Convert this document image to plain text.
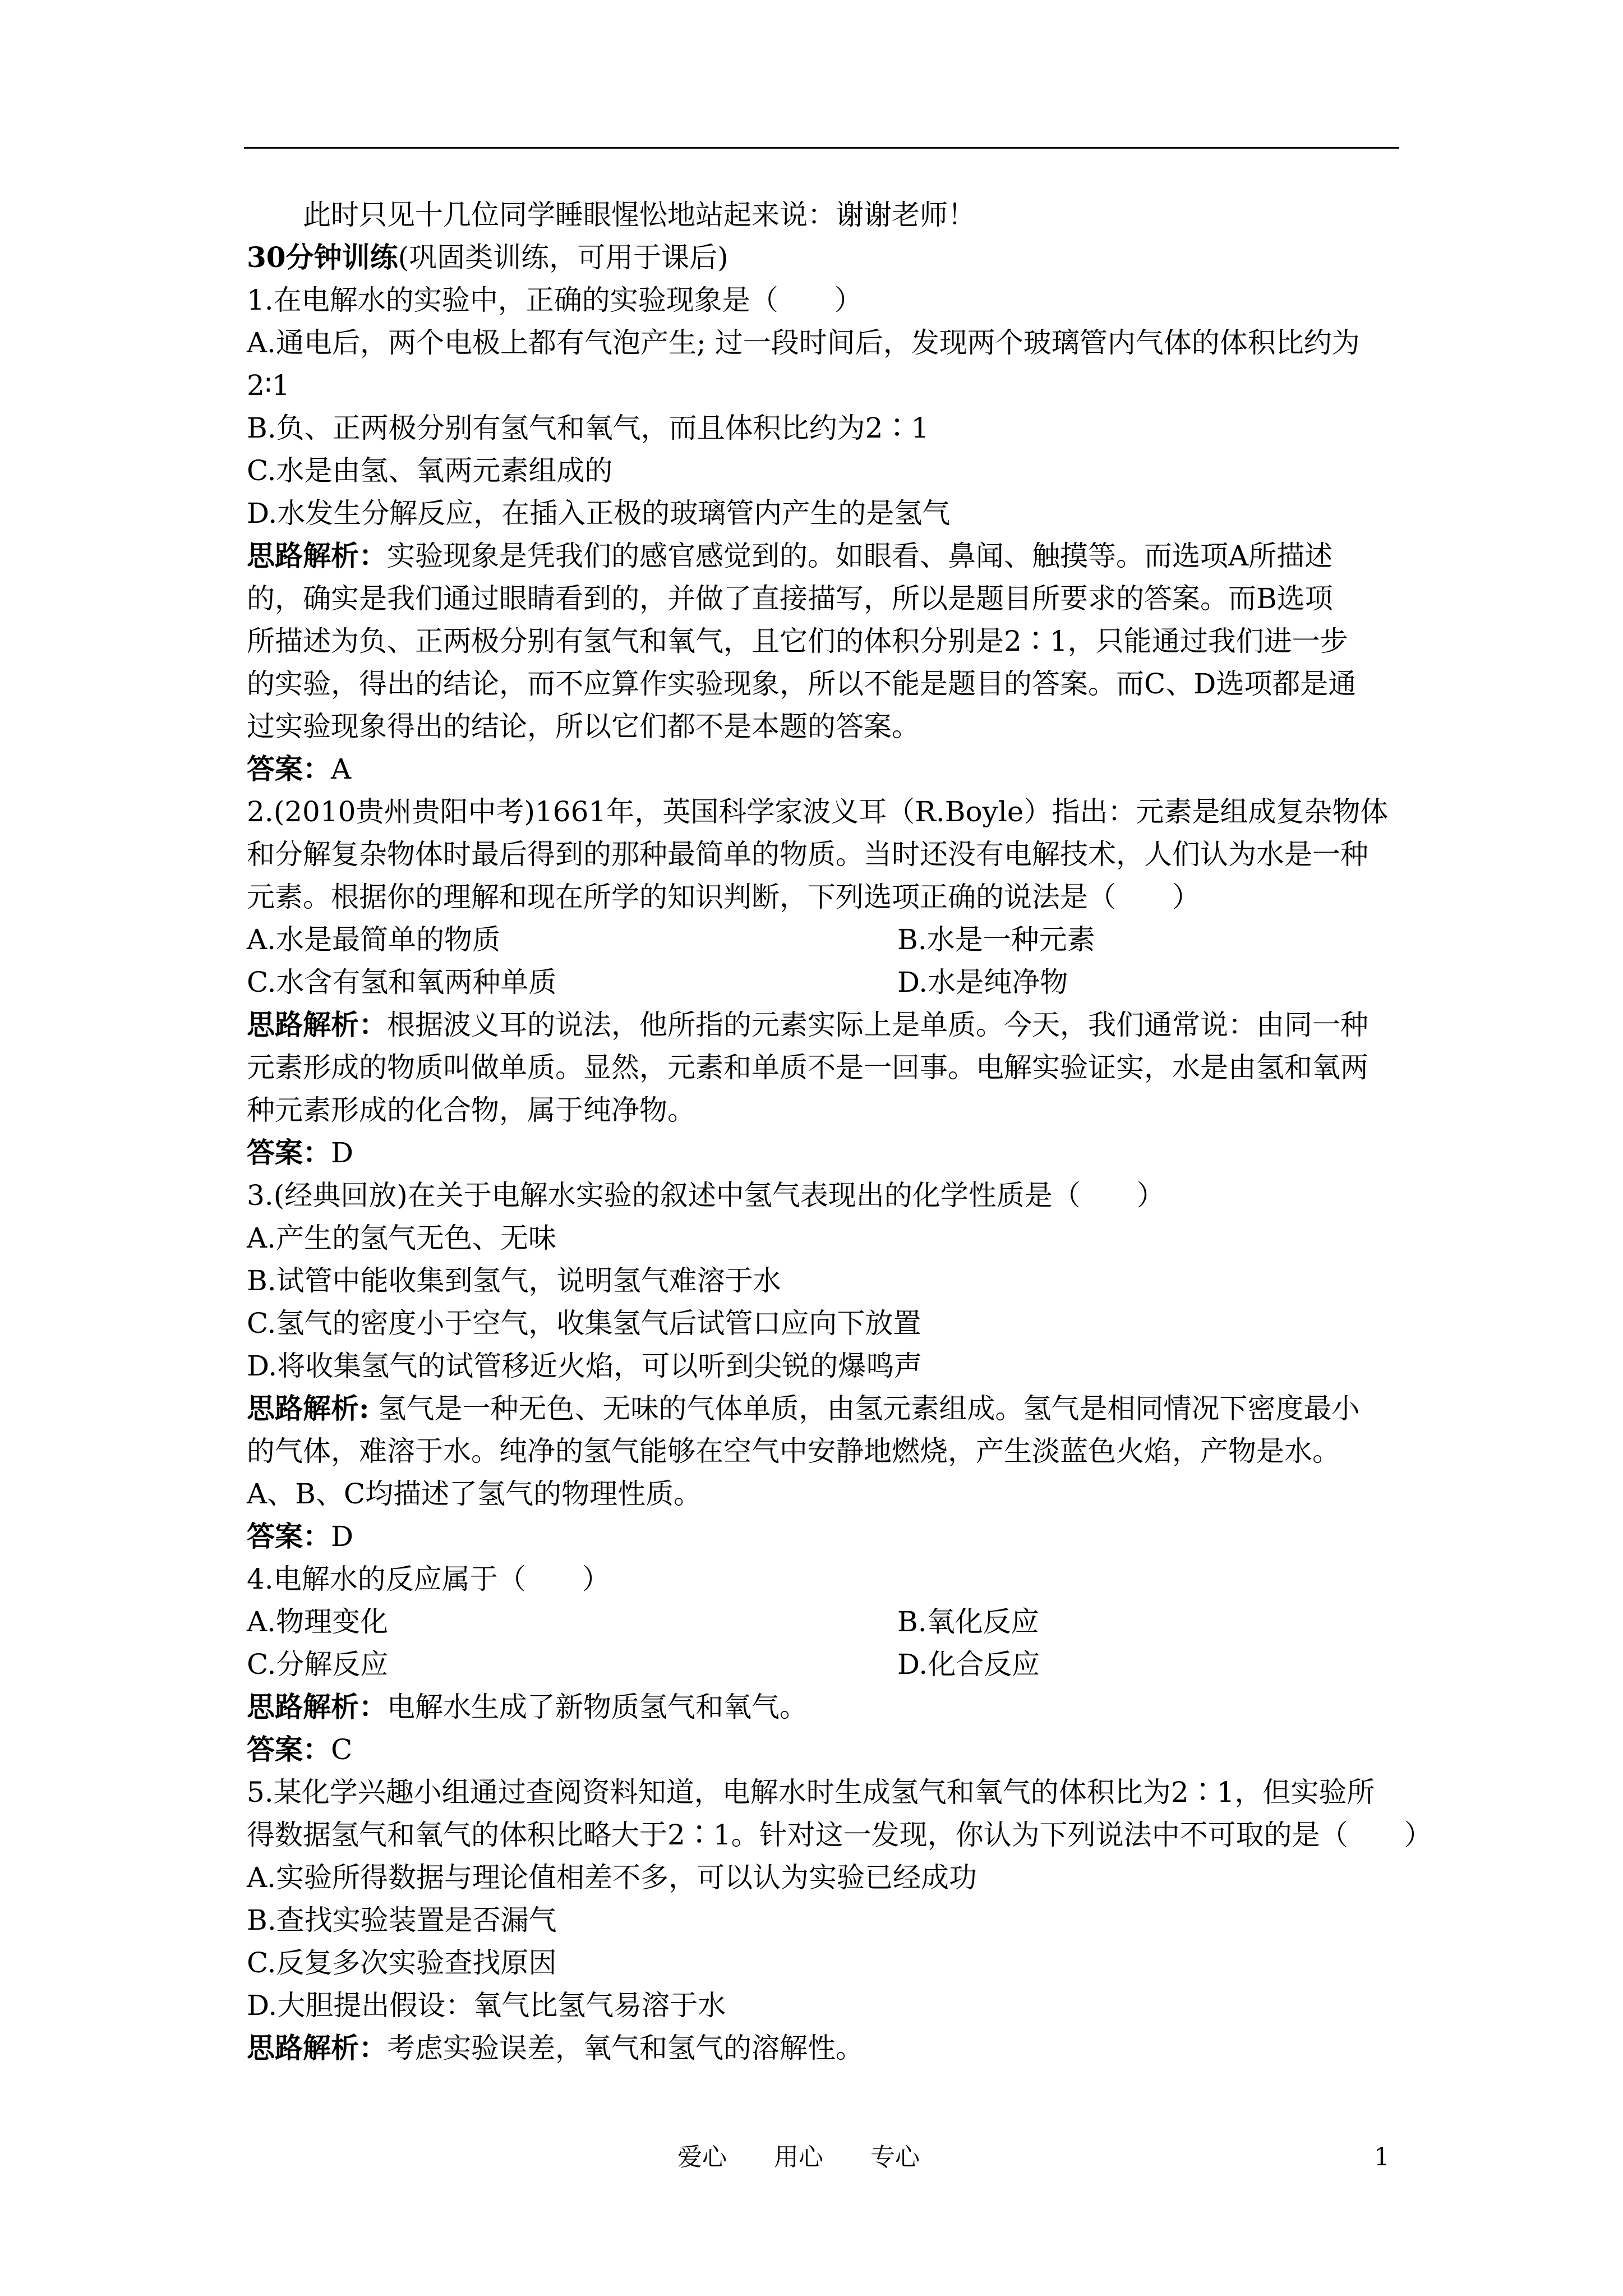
此时只见十几位同学睡眼惺忪地站起来说：谢谢老师！
30分钟训练(巩固类训练，可用于课后)
1.在电解水的实验中，正确的实验现象是（　　）
A.通电后，两个电极上都有气泡产生; 过一段时间后，发现两个玻璃管内气体的体积比约为
2∶1
B.负、正两极分别有氢气和氧气，而且体积比约为2∶1
C.水是由氢、氧两元素组成的
D.水发生分解反应，在插入正极的玻璃管内产生的是氢气
思路解析：实验现象是凭我们的感官感觉到的。如眼看、鼻闻、触摸等。而选项A所描述
的，确实是我们通过眼睛看到的，并做了直接描写，所以是题目所要求的答案。而B选项
所描述为负、正两极分别有氢气和氧气，且它们的体积分别是2∶1，只能通过我们进一步
的实验，得出的结论，而不应算作实验现象，所以不能是题目的答案。而C、D选项都是通
过实验现象得出的结论，所以它们都不是本题的答案。
答案：A
2.(2010贵州贵阳中考)1661年，英国科学家波义耳（R.Boyle）指出：元素是组成复杂物体
和分解复杂物体时最后得到的那种最简单的物质。当时还没有电解技术，人们认为水是一种
元素。根据你的理解和现在所学的知识判断，下列选项正确的说法是（　　）
A.水是最简单的物质	B.水是一种元素
C.水含有氢和氧两种单质	D.水是纯净物
思路解析：根据波义耳的说法，他所指的元素实际上是单质。今天，我们通常说：由同一种
元素形成的物质叫做单质。显然，元素和单质不是一回事。电解实验证实，水是由氢和氧两
种元素形成的化合物，属于纯净物。
答案：D
3.(经典回放)在关于电解水实验的叙述中氢气表现出的化学性质是（　　）
A.产生的氢气无色、无味
B.试管中能收集到氢气，说明氢气难溶于水
C.氢气的密度小于空气，收集氢气后试管口应向下放置
D.将收集氢气的试管移近火焰，可以听到尖锐的爆鸣声
思路解析: 氢气是一种无色、无味的气体单质，由氢元素组成。氢气是相同情况下密度最小
的气体，难溶于水。纯净的氢气能够在空气中安静地燃烧，产生淡蓝色火焰，产物是水。
A、B、C均描述了氢气的物理性质。
答案：D
4.电解水的反应属于（　　）
A.物理变化	B.氧化反应
C.分解反应	D.化合反应
思路解析：电解水生成了新物质氢气和氧气。
答案：C
5.某化学兴趣小组通过查阅资料知道，电解水时生成氢气和氧气的体积比为2∶1，但实验所
得数据氢气和氧气的体积比略大于2∶1。针对这一发现，你认为下列说法中不可取的是（　　）
A.实验所得数据与理论值相差不多，可以认为实验已经成功
B.查找实验装置是否漏气
C.反复多次实验查找原因
D.大胆提出假设：氧气比氢气易溶于水
思路解析：考虑实验误差，氧气和氢气的溶解性。
爱心 用心 专心	1
